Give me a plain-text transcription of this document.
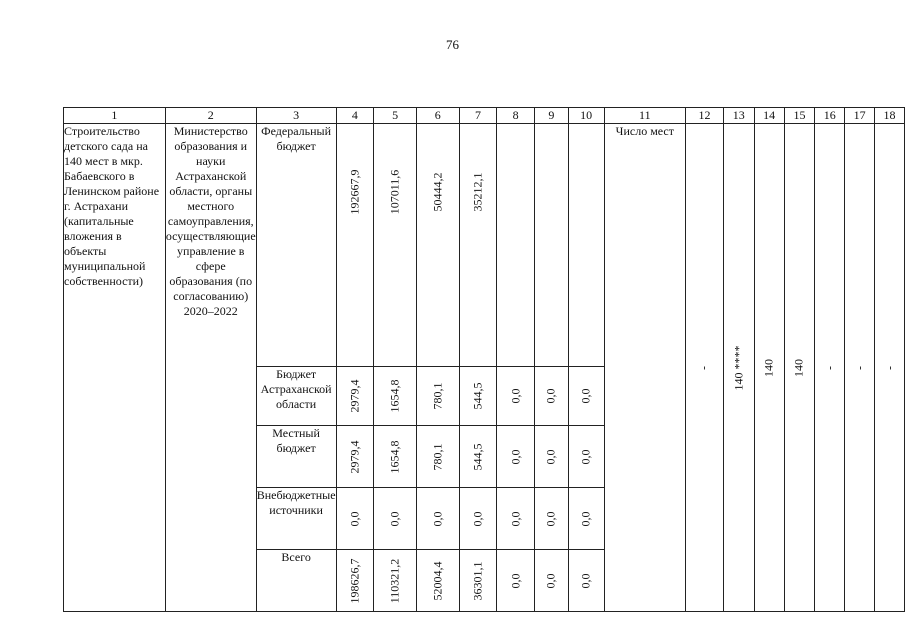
76
1	2	3	4	5	6	7	8	9	10	11	12	13	14	15	16	17	18
Строительство детского сада на 140 мест в мкр. Бабаевского в Ленинском районе г. Астрахани (капитальные вложения в объекты муниципальной собственности)	Министерство образования и науки Астраханской области, органы местного самоуправления, осуществляющие управление в сфере образования (по согласованию) 2020–2022	Федеральный бюджет	192667,9	107011,6	50444,2	35212,1				Число мест	-	140 ****	140	140	-	-	-

		Бюджет Астраханской области	2979,4	1654,8	780,1	544,5	0,0	0,0	0,0								

		Местный бюджет	2979,4	1654,8	780,1	544,5	0,0	0,0	0,0								

		Внебюджетные источники	0,0	0,0	0,0	0,0	0,0	0,0	0,0								

		Всего	198626,7	110321,2	52004,4	36301,1	0,0	0,0	0,0								
